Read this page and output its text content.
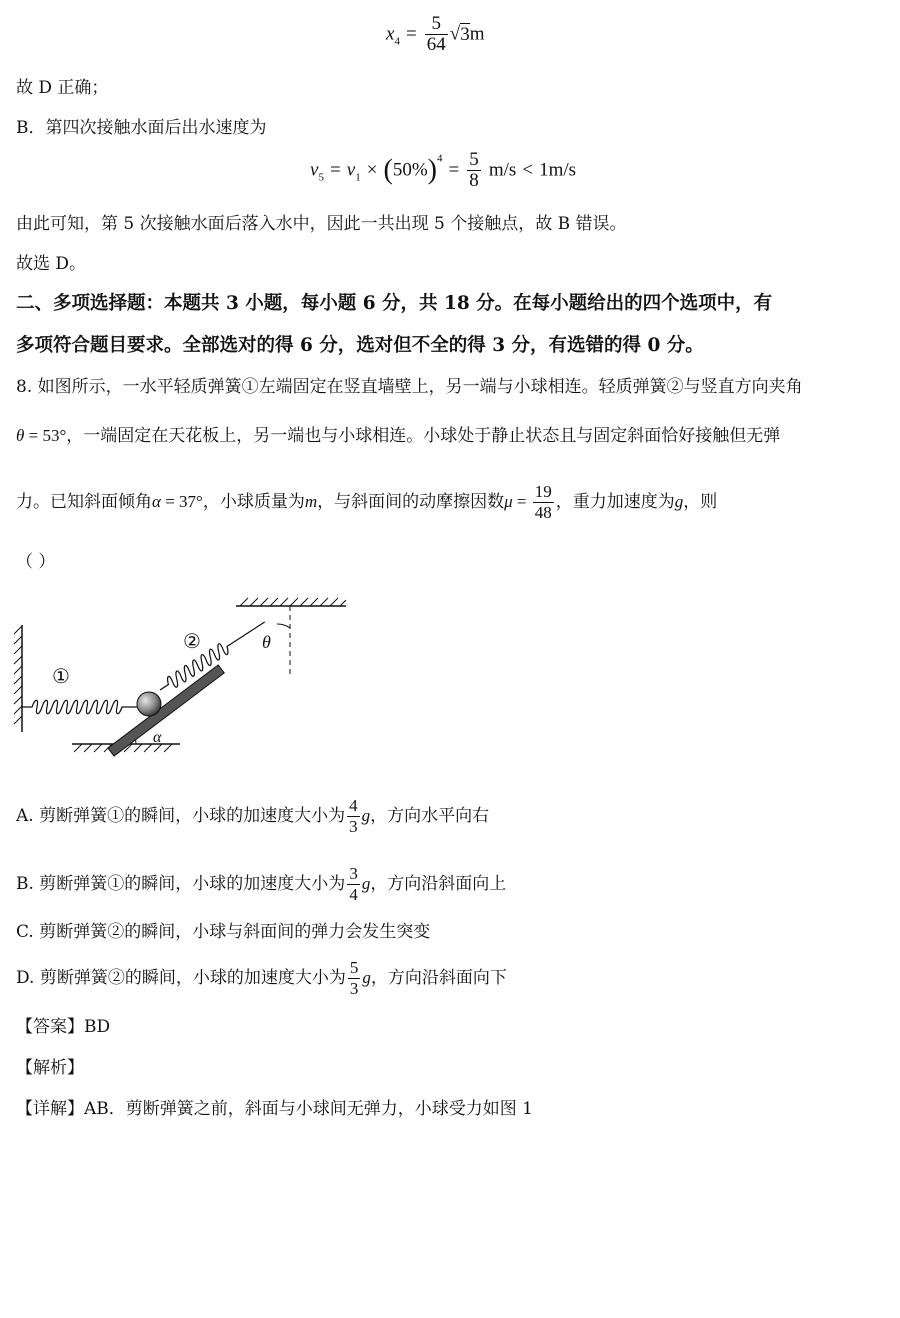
$x_4 = \frac{5}{64} √3m$
故 D 正确；
B．第四次接触水面后出水速度为
$v_5 = v_1 \times (50\%)^4 = \frac{5}{8} m/s < 1m/s$
由此可知，第 5 次接触水面后落入水中，因此一共出现 5 个接触点，故 B 错误。
故选 D。
二、多项选择题：本题共 3 小题，每小题 6 分，共 18 分。在每小题给出的四个选项中，有
多项符合题目要求。全部选对的得 6 分，选对但不全的得 3 分，有选错的得 0 分。
8. 如图所示，一水平轻质弹簧①左端固定在竖直墙壁上，另一端与小球相连。轻质弹簧②与竖直方向夹角
θ = 53°，一端固定在天花板上，另一端也与小球相连。小球处于静止状态且与固定斜面恰好接触但无弹
力。已知斜面倾角α = 37°，小球质量为m，与斜面间的动摩擦因数$\mu = \frac{19}{48}$ ，重力加速度为g，则
（ ）
①
②	θ
α
A. 剪断弹簧①的瞬间，小球的加速度大小为 $\frac{4}{3}$ g，方向水平向右
B. 剪断弹簧①的瞬间，小球的加速度大小为 $\frac{3}{4}$ g，方向沿斜面向上
C. 剪断弹簧②的瞬间，小球与斜面间的弹力会发生突变
D. 剪断弹簧②的瞬间，小球的加速度大小为 $\frac{5}{3}$ g，方向沿斜面向下
【答案】BD
【解析】
【详解】AB．剪断弹簧之前，斜面与小球间无弹力，小球受力如图 1
